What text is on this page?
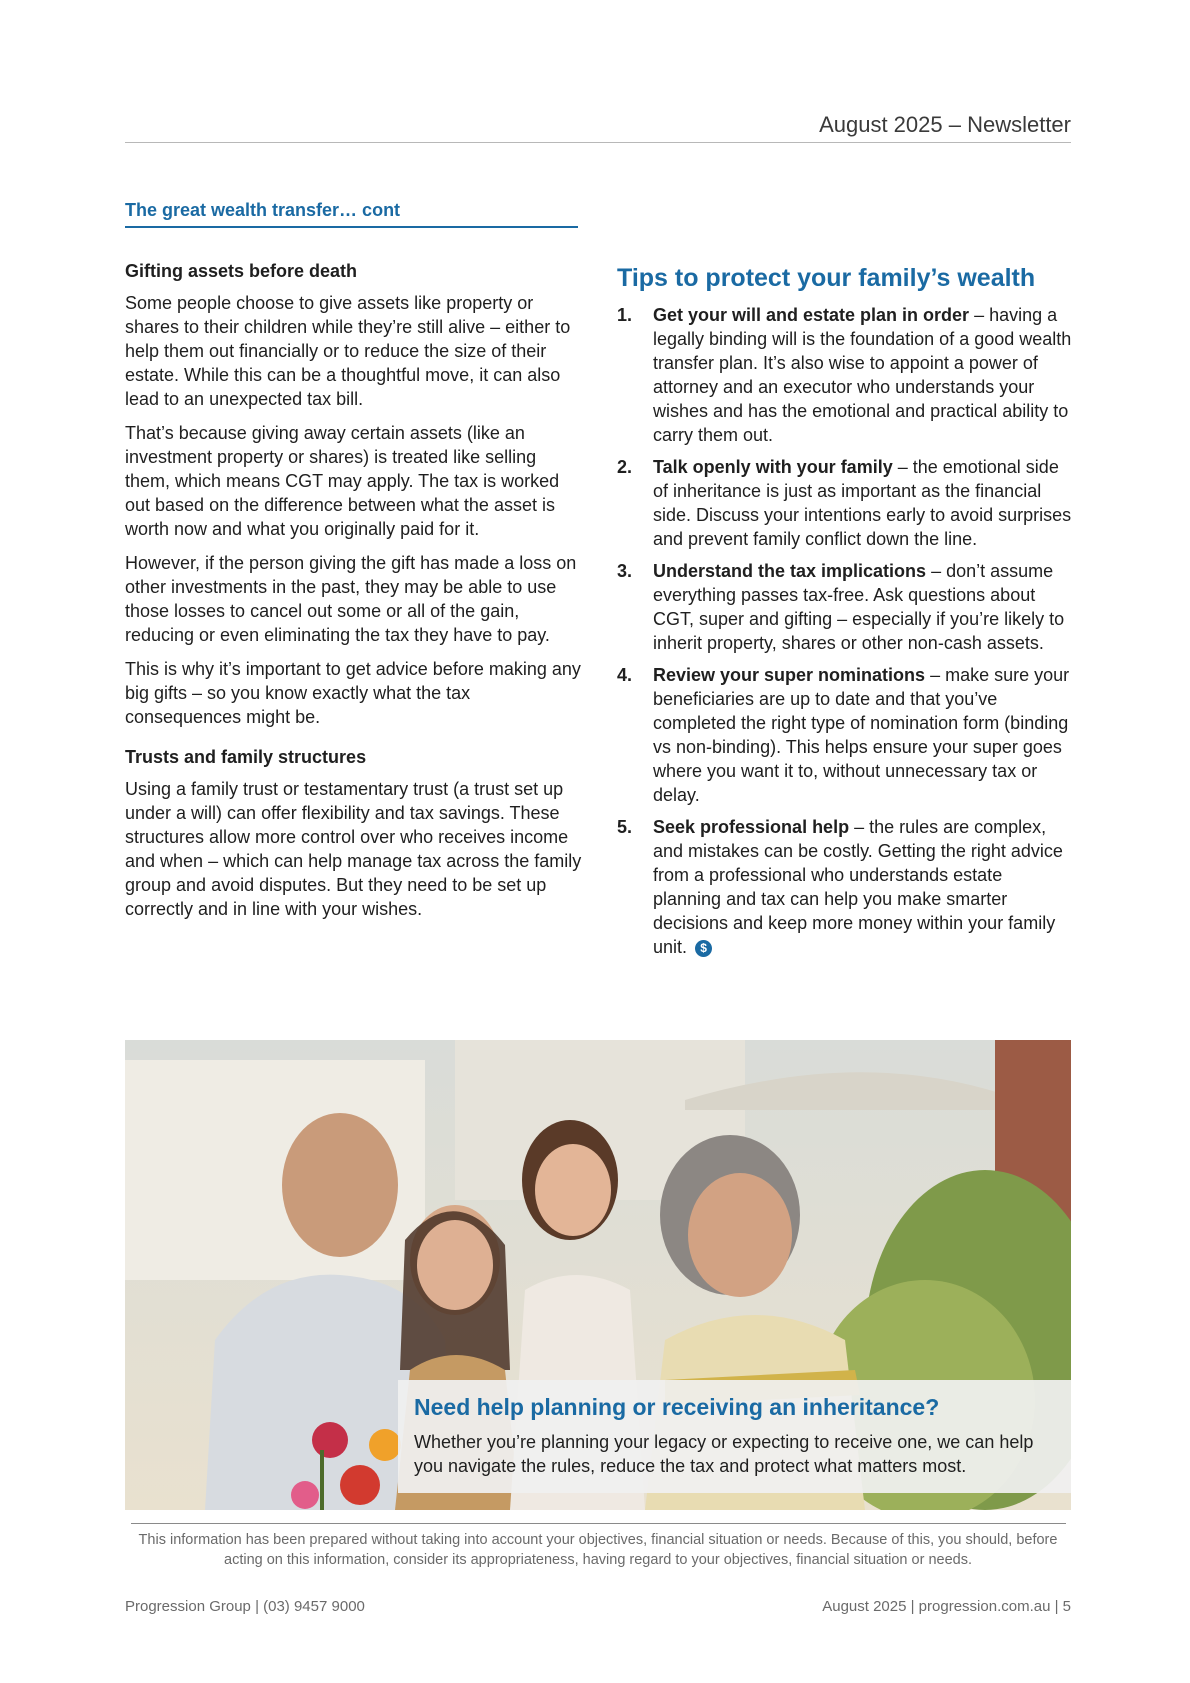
August 2025 – Newsletter
The great wealth transfer… cont
Gifting assets before death

Some people choose to give assets like property or shares to their children while they’re still alive – either to help them out financially or to reduce the size of their estate. While this can be a thoughtful move, it can also lead to an unexpected tax bill.

That’s because giving away certain assets (like an investment property or shares) is treated like selling them, which means CGT may apply. The tax is worked out based on the difference between what the asset is worth now and what you originally paid for it.

However, if the person giving the gift has made a loss on other investments in the past, they may be able to use those losses to cancel out some or all of the gain, reducing or even eliminating the tax they have to pay.

This is why it’s important to get advice before making any big gifts – so you know exactly what the tax consequences might be.

Trusts and family structures

Using a family trust or testamentary trust (a trust set up under a will) can offer flexibility and tax savings. These structures allow more control over who receives income and when – which can help manage tax across the family group and avoid disputes. But they need to be set up correctly and in line with your wishes.

Tips to protect your family’s wealth
1. Get your will and estate plan in order – having a legally binding will is the foundation of a good wealth transfer plan. It’s also wise to appoint a power of attorney and an executor who understands your wishes and has the emotional and practical ability to carry them out.
2. Talk openly with your family – the emotional side of inheritance is just as important as the financial side. Discuss your intentions early to avoid surprises and prevent family conflict down the line.
3. Understand the tax implications – don’t assume everything passes tax-free. Ask questions about CGT, super and gifting – especially if you’re likely to inherit property, shares or other non-cash assets.
4. Review your super nominations – make sure your beneficiaries are up to date and that you’ve completed the right type of nomination form (binding vs non-binding). This helps ensure your super goes where you want it to, without unnecessary tax or delay.
5. Seek professional help – the rules are complex, and mistakes can be costly. Getting the right advice from a professional who understands estate planning and tax can help you make smarter decisions and keep more money within your family unit. $
Need help planning or receiving an inheritance?
Whether you’re planning your legacy or expecting to receive one, we can help you navigate the rules, reduce the tax and protect what matters most.
This information has been prepared without taking into account your objectives, financial situation or needs. Because of this, you should, before acting on this information, consider its appropriateness, having regard to your objectives, financial situation or needs.
Progression Group | (03) 9457 9000	August 2025 | progression.com.au | 5
